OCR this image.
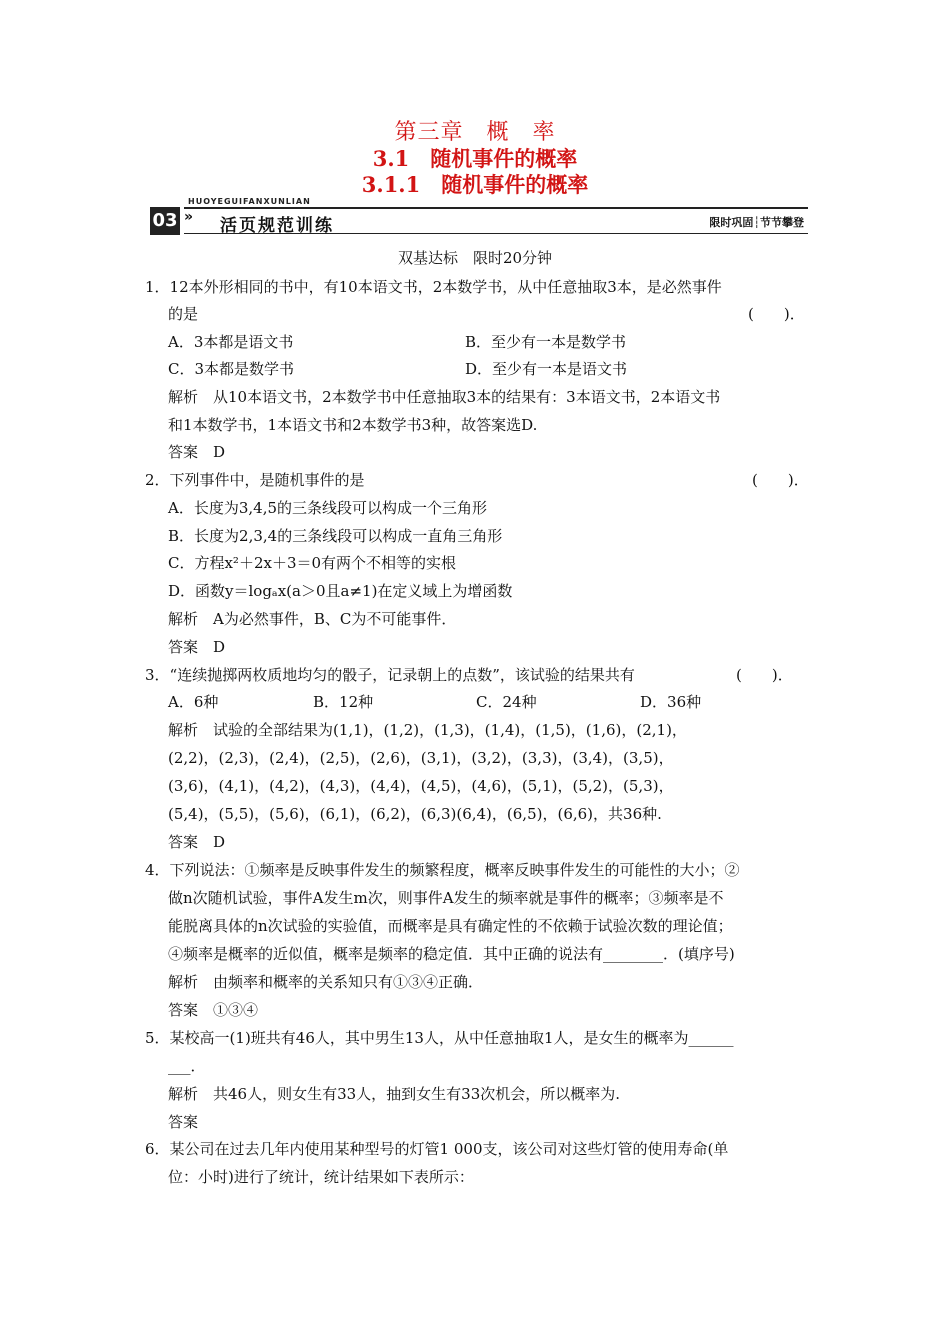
第三章　概　率
3.1　随机事件的概率
3.1.1　随机事件的概率
HUOYEGUIFANXUNLIAN
03 » 活页规范训练	限时巩固┆节节攀登
双基达标　限时20分钟
1．12本外形相同的书中，有10本语文书，2本数学书，从中任意抽取3本，是必然事件
的是	(　　)．
A．3本都是语文书	B．至少有一本是数学书
C．3本都是数学书	D．至少有一本是语文书
解析　从10本语文书，2本数学书中任意抽取3本的结果有：3本语文书，2本语文书
和1本数学书，1本语文书和2本数学书3种，故答案选D.
答案　D
2．下列事件中，是随机事件的是	(　　)．
A．长度为3,4,5的三条线段可以构成一个三角形
B．长度为2,3,4的三条线段可以构成一直角三角形
C．方程x²＋2x＋3＝0有两个不相等的实根
D．函数y＝logₐx(a＞0且a≠1)在定义域上为增函数
解析　A为必然事件，B、C为不可能事件．
答案　D
3．“连续抛掷两枚质地均匀的骰子，记录朝上的点数”，该试验的结果共有	(　　)．
A．6种	B．12种	C．24种	D．36种
解析　试验的全部结果为(1,1)，(1,2)，(1,3)，(1,4)，(1,5)，(1,6)，(2,1)，
(2,2)，(2,3)，(2,4)，(2,5)，(2,6)，(3,1)，(3,2)，(3,3)，(3,4)，(3,5)，
(3,6)，(4,1)，(4,2)，(4,3)，(4,4)，(4,5)，(4,6)，(5,1)，(5,2)，(5,3)，
(5,4)，(5,5)，(5,6)，(6,1)，(6,2)，(6,3)(6,4)，(6,5)，(6,6)，共36种.
答案　D
4．下列说法：①频率是反映事件发生的频繁程度，概率反映事件发生的可能性的大小；②
做n次随机试验，事件A发生m次，则事件A发生的频率就是事件的概率；③频率是不
能脱离具体的n次试验的实验值，而概率是具有确定性的不依赖于试验次数的理论值；
④频率是概率的近似值，概率是频率的稳定值．其中正确的说法有________．(填序号)
解析　由频率和概率的关系知只有①③④正确．
答案　①③④
5．某校高一(1)班共有46人，其中男生13人，从中任意抽取1人，是女生的概率为______
___．
解析　共46人，则女生有33人，抽到女生有33次机会，所以概率为.
答案
6．某公司在过去几年内使用某种型号的灯管1 000支，该公司对这些灯管的使用寿命(单
位：小时)进行了统计，统计结果如下表所示：
